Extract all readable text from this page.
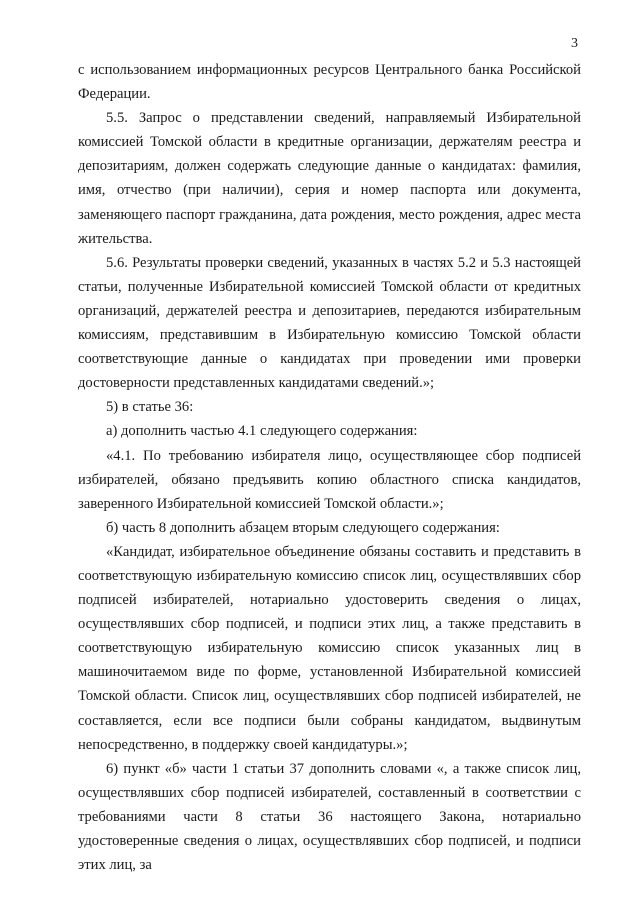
3

с использованием информационных ресурсов Центрального банка Российской Федерации.

5.5. Запрос о представлении сведений, направляемый Избирательной комиссией Томской области в кредитные организации, держателям реестра и депозитариям, должен содержать следующие данные о кандидатах: фамилия, имя, отчество (при наличии), серия и номер паспорта или документа, заменяющего паспорт гражданина, дата рождения, место рождения, адрес места жительства.

5.6. Результаты проверки сведений, указанных в частях 5.2 и 5.3 настоящей статьи, полученные Избирательной комиссией Томской области от кредитных организаций, держателей реестра и депозитариев, передаются избирательным комиссиям, представившим в Избирательную комиссию Томской области соответствующие данные о кандидатах при проведении ими проверки достоверности представленных кандидатами сведений.»;

5) в статье 36:

а) дополнить частью 4.1 следующего содержания:

«4.1. По требованию избирателя лицо, осуществляющее сбор подписей избирателей, обязано предъявить копию областного списка кандидатов, заверенного Избирательной комиссией Томской области.»;

б) часть 8 дополнить абзацем вторым следующего содержания:

«Кандидат, избирательное объединение обязаны составить и представить в соответствующую избирательную комиссию список лиц, осуществлявших сбор подписей избирателей, нотариально удостоверить сведения о лицах, осуществлявших сбор подписей, и подписи этих лиц, а также представить в соответствующую избирательную комиссию список указанных лиц в машиночитаемом виде по форме, установленной Избирательной комиссией Томской области. Список лиц, осуществлявших сбор подписей избирателей, не составляется, если все подписи были собраны кандидатом, выдвинутым непосредственно, в поддержку своей кандидатуры.»;

6) пункт «б» части 1 статьи 37 дополнить словами «, а также список лиц, осуществлявших сбор подписей избирателей, составленный в соответствии с требованиями части 8 статьи 36 настоящего Закона, нотариально удостоверенные сведения о лицах, осуществлявших сбор подписей, и подписи этих лиц, за
